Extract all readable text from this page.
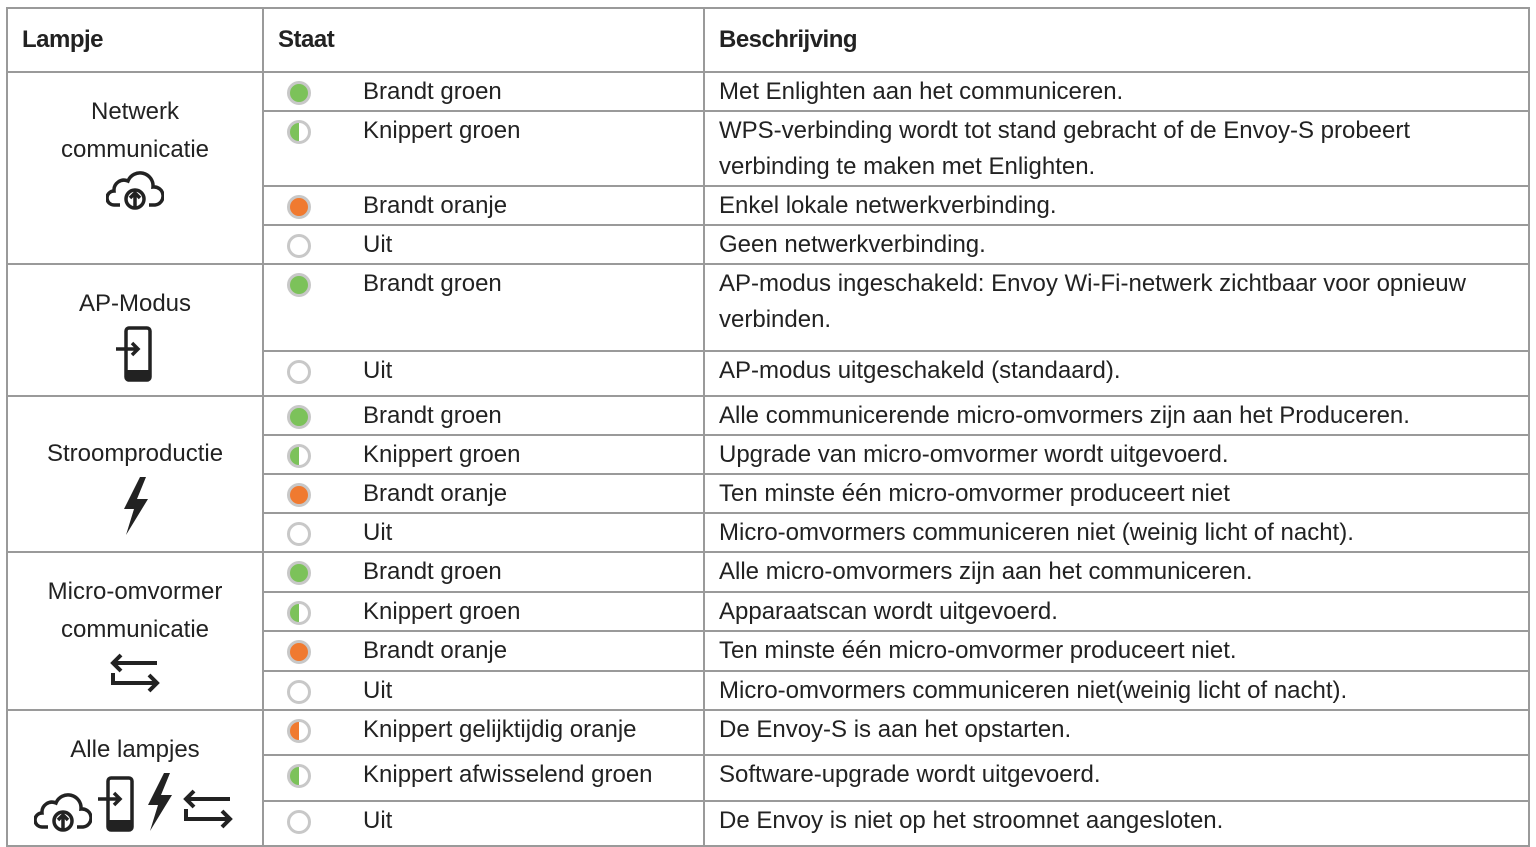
Lampje	Staat	Beschrijving

Netwerk communicatie	Brandt groen	Met Enlighten aan het communiceren.

	Knippert groen	WPS-verbinding wordt tot stand gebracht of de Envoy-S probeert verbinding te maken met Enlighten.

	Brandt oranje	Enkel lokale netwerkverbinding.

	Uit	Geen netwerkverbinding.

AP-Modus	Brandt groen	AP-modus ingeschakeld: Envoy Wi-Fi-netwerk zichtbaar voor opnieuw verbinden.

	Uit	AP-modus uitgeschakeld (standaard).

Stroomproductie	Brandt groen	Alle communicerende micro-omvormers zijn aan het Produceren.

	Knippert groen	Upgrade van micro-omvormer wordt uitgevoerd.

	Brandt oranje	Ten minste één micro-omvormer produceert niet

	Uit	Micro-omvormers communiceren niet (weinig licht of nacht).

Micro-omvormer communicatie	Brandt groen	Alle micro-omvormers zijn aan het communiceren.

	Knippert groen	Apparaatscan wordt uitgevoerd.

	Brandt oranje	Ten minste één micro-omvormer produceert niet.

	Uit	Micro-omvormers communiceren niet(weinig licht of nacht).

Alle lampjes	Knippert gelijktijdig oranje	De Envoy-S is aan het opstarten.

	Knippert afwisselend groen	Software-upgrade wordt uitgevoerd.

	Uit	De Envoy is niet op het stroomnet aangesloten.
